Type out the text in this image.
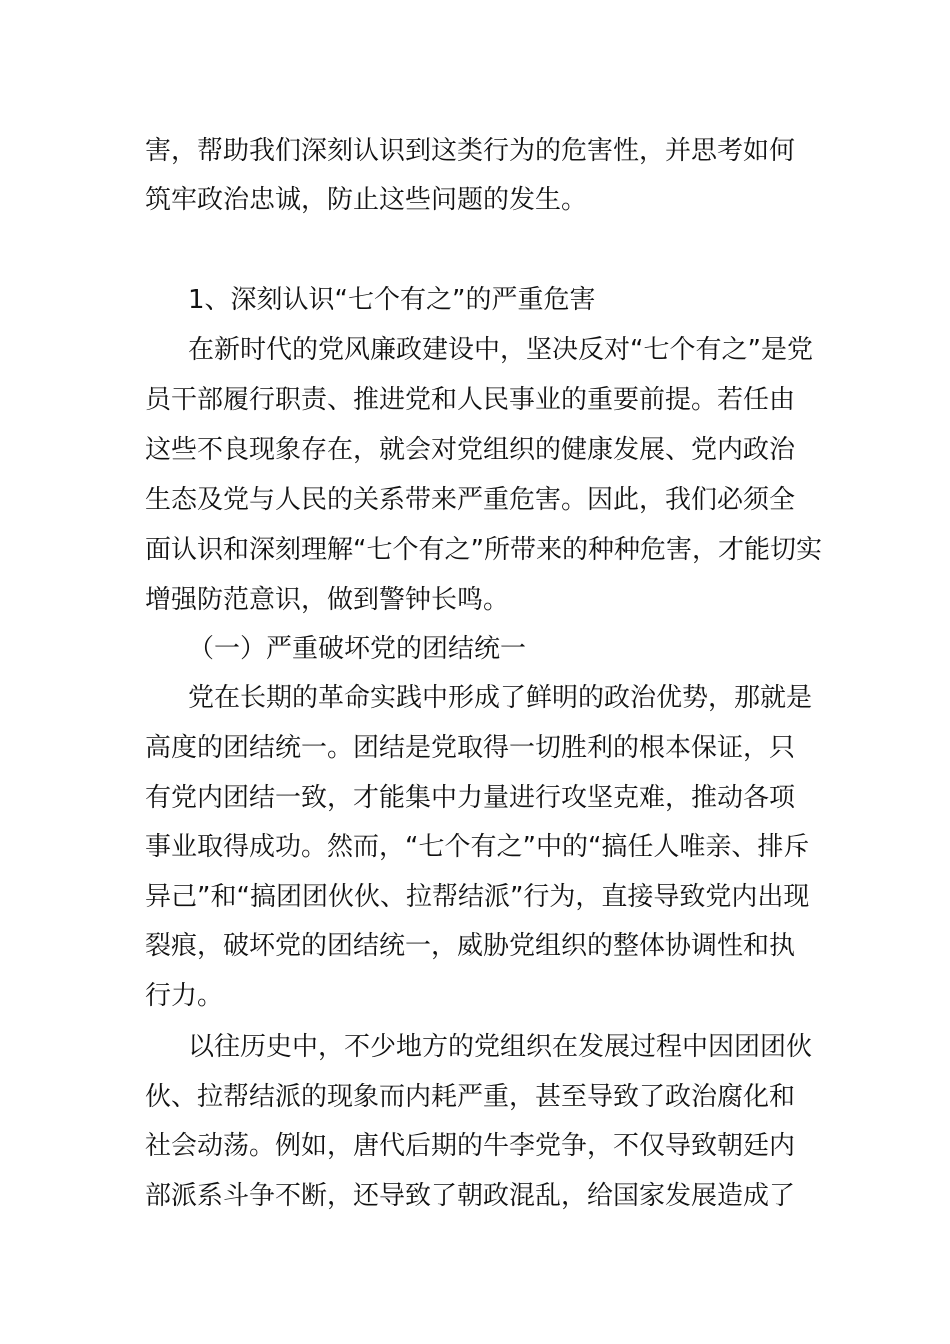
害，帮助我们深刻认识到这类行为的危害性，并思考如何
筑牢政治忠诚，防止这些问题的发生。
1、深刻认识“七个有之”的严重危害
在新时代的党风廉政建设中，坚决反对“七个有之”是党
员干部履行职责、推进党和人民事业的重要前提。若任由
这些不良现象存在，就会对党组织的健康发展、党内政治
生态及党与人民的关系带来严重危害。因此，我们必须全
面认识和深刻理解“七个有之”所带来的种种危害，才能切实
增强防范意识，做到警钟长鸣。
（一）严重破坏党的团结统一
党在长期的革命实践中形成了鲜明的政治优势，那就是
高度的团结统一。团结是党取得一切胜利的根本保证，只
有党内团结一致，才能集中力量进行攻坚克难，推动各项
事业取得成功。然而，“七个有之”中的“搞任人唯亲、排斥
异己”和“搞团团伙伙、拉帮结派”行为，直接导致党内出现
裂痕，破坏党的团结统一，威胁党组织的整体协调性和执
行力。
以往历史中，不少地方的党组织在发展过程中因团团伙
伙、拉帮结派的现象而内耗严重，甚至导致了政治腐化和
社会动荡。例如，唐代后期的牛李党争，不仅导致朝廷内
部派系斗争不断，还导致了朝政混乱，给国家发展造成了
